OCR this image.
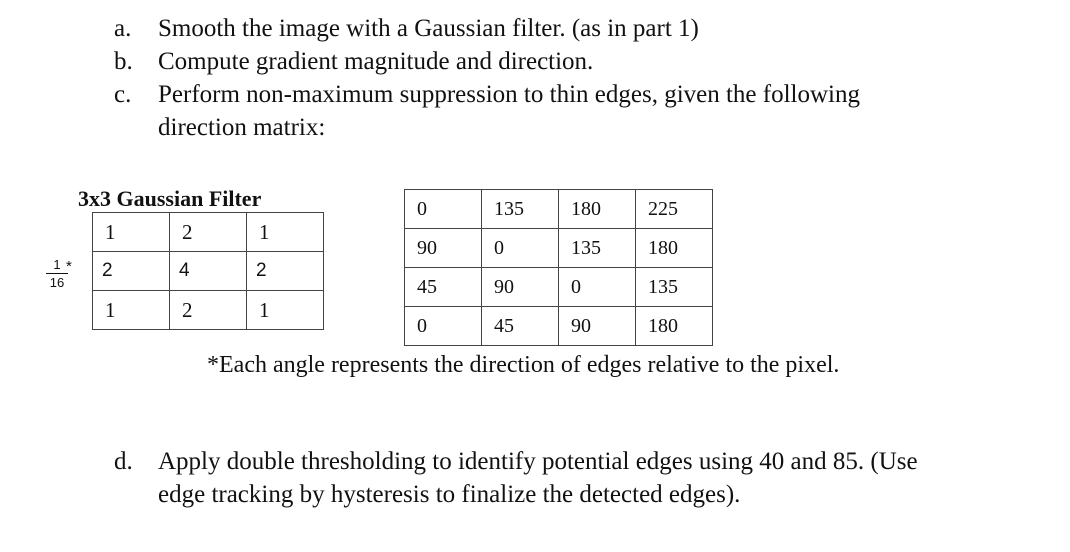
a. Smooth the image with a Gaussian filter. (as in part 1)
b. Compute gradient magnitude and direction.
c. Perform non-maximum suppression to thin edges, given the following
direction matrix:
3x3 Gaussian Filter
1
16
*
1	2	1
2	4	2
1	2	1
0	135	180	225
90	0	135	180
45	90	0	135
0	45	90	180
*Each angle represents the direction of edges relative to the pixel.
d. Apply double thresholding to identify potential edges using 40 and 85. (Use
edge tracking by hysteresis to finalize the detected edges).
